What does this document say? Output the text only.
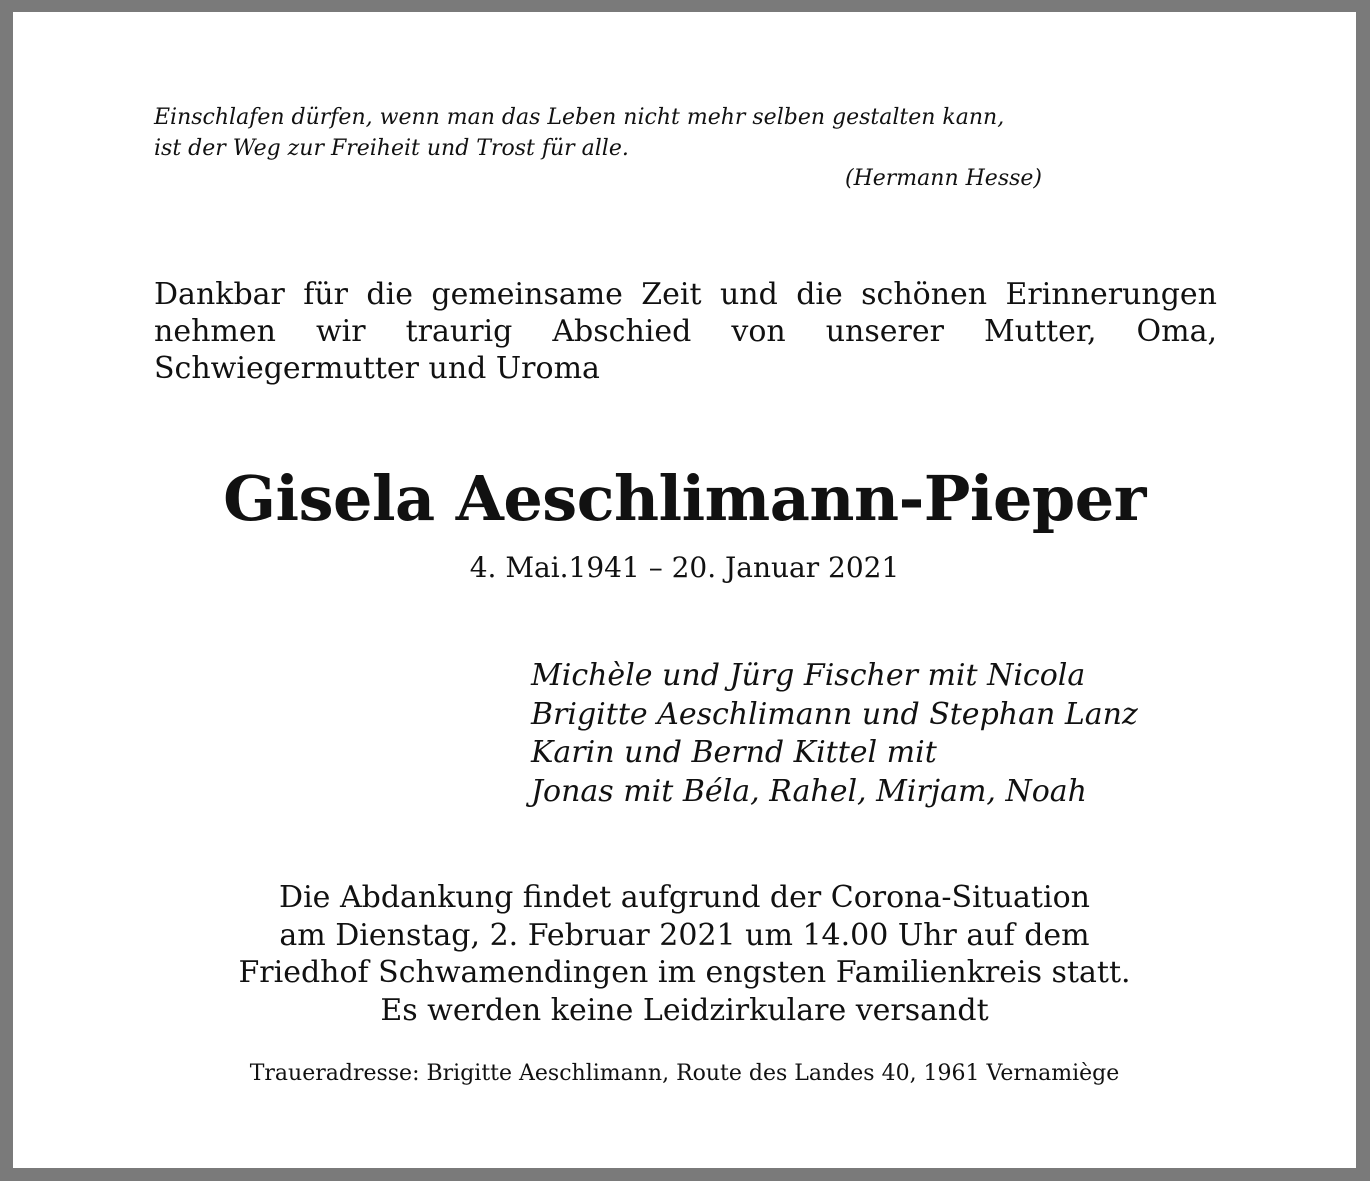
Einschlafen dürfen, wenn man das Leben nicht mehr selben gestalten kann,
ist der Weg zur Freiheit und Trost für alle.
(Hermann Hesse)
Dankbar für die gemeinsame Zeit und die schönen Erinnerungen nehmen wir traurig Abschied von unserer Mutter, Oma, Schwiegermutter und Uroma
Gisela Aeschlimann-Pieper
4. Mai.1941 – 20. Januar 2021
Michèle und Jürg Fischer mit Nicola
Brigitte Aeschlimann und Stephan Lanz
Karin und Bernd Kittel mit
Jonas mit Béla, Rahel, Mirjam, Noah
Die Abdankung findet aufgrund der Corona-Situation
am Dienstag, 2. Februar 2021 um 14.00 Uhr auf dem
Friedhof Schwamendingen im engsten Familienkreis statt.
Es werden keine Leidzirkulare versandt
Traueradresse: Brigitte Aeschlimann, Route des Landes 40, 1961 Vernamiège
